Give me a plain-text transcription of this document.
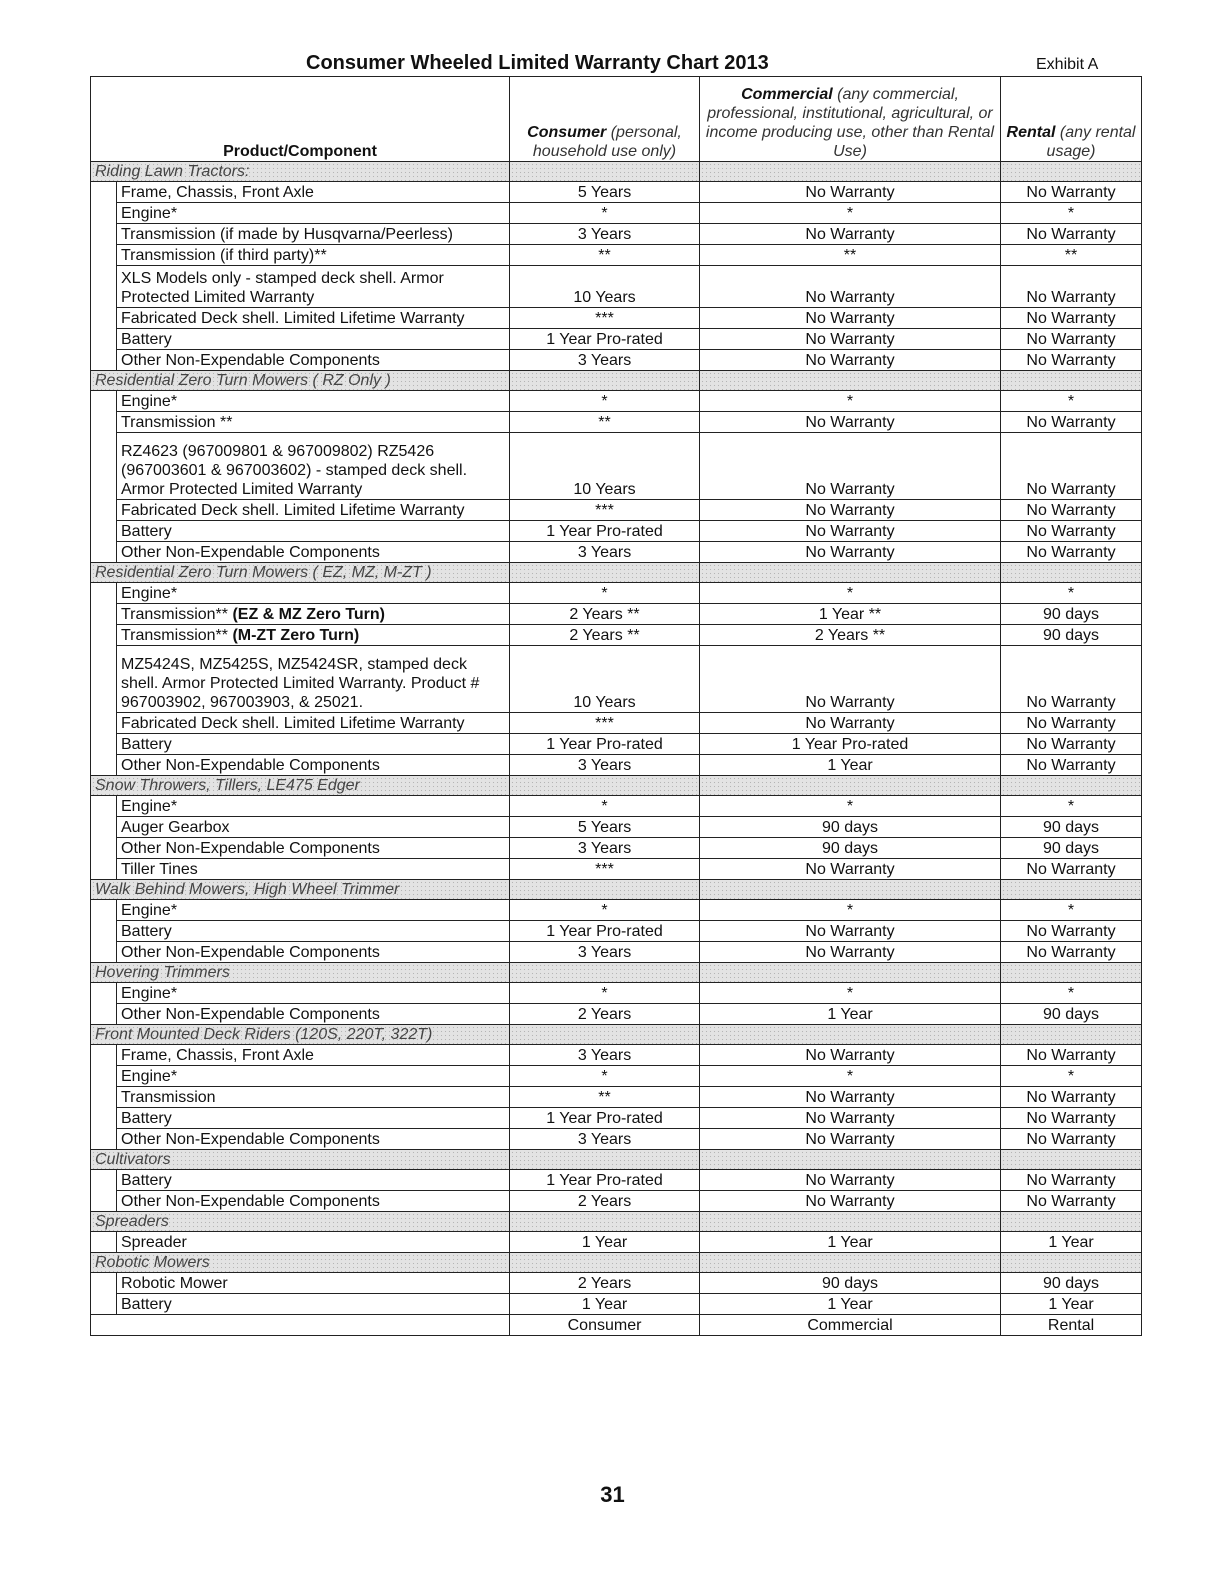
Consumer Wheeled Limited Warranty Chart 2013	Exhibit A
Product/Component		Consumer (personal, household use only)	Commercial (any commercial, professional, institutional, agricultural, or income producing use, other than Rental Use)	Rental (any rental usage)
Riding Lawn Tractors:				
	Frame, Chassis, Front Axle	5 Years	No Warranty	No Warranty
	Engine*	*	*	*
	Transmission (if made by Husqvarna/Peerless)	3 Years	No Warranty	No Warranty
	Transmission (if third party)**	**	**	**
	XLS Models only - stamped deck shell. Armor Protected Limited Warranty	10 Years	No Warranty	No Warranty
	Fabricated Deck shell. Limited Lifetime Warranty	***	No Warranty	No Warranty
	Battery	1 Year Pro-rated	No Warranty	No Warranty
	Other Non-Expendable Components	3 Years	No Warranty	No Warranty
Residential Zero Turn Mowers ( RZ Only )				
	Engine*	*	*	*
	Transmission **	**	No Warranty	No Warranty
	RZ4623 (967009801 & 967009802) RZ5426 (967003601 & 967003602) - stamped deck shell. Armor Protected Limited Warranty	10 Years	No Warranty	No Warranty
	Fabricated Deck shell. Limited Lifetime Warranty	***	No Warranty	No Warranty
	Battery	1 Year Pro-rated	No Warranty	No Warranty
	Other Non-Expendable Components	3 Years	No Warranty	No Warranty
Residential Zero Turn Mowers ( EZ, MZ, M-ZT )				
	Engine*	*	*	*
	Transmission** (EZ & MZ Zero Turn)	2 Years **	1 Year **	90 days
	Transmission** (M-ZT Zero Turn)	2 Years **	2 Years **	90 days
	MZ5424S, MZ5425S, MZ5424SR, stamped deck shell. Armor Protected Limited Warranty. Product # 967003902, 967003903, & 25021.	10 Years	No Warranty	No Warranty
	Fabricated Deck shell. Limited Lifetime Warranty	***	No Warranty	No Warranty
	Battery	1 Year Pro-rated	1 Year Pro-rated	No Warranty
	Other Non-Expendable Components	3 Years	1 Year	No Warranty
Snow Throwers, Tillers, LE475 Edger				
	Engine*	*	*	*
	Auger Gearbox	5 Years	90 days	90 days
	Other Non-Expendable Components	3 Years	90 days	90 days
	Tiller Tines	***	No Warranty	No Warranty
Walk Behind Mowers, High Wheel Trimmer				
	Engine*	*	*	*
	Battery	1 Year Pro-rated	No Warranty	No Warranty
	Other Non-Expendable Components	3 Years	No Warranty	No Warranty
Hovering Trimmers				
	Engine*	*	*	*
	Other Non-Expendable Components	2 Years	1 Year	90 days
Front Mounted Deck Riders (120S, 220T, 322T)				
	Frame, Chassis, Front Axle	3 Years	No Warranty	No Warranty
	Engine*	*	*	*
	Transmission	**	No Warranty	No Warranty
	Battery	1 Year Pro-rated	No Warranty	No Warranty
	Other Non-Expendable Components	3 Years	No Warranty	No Warranty
Cultivators				
	Battery	1 Year Pro-rated	No Warranty	No Warranty
	Other Non-Expendable Components	2 Years	No Warranty	No Warranty
Spreaders				
	Spreader	1 Year	1 Year	1 Year
Robotic Mowers				
	Robotic Mower	2 Years	90 days	90 days
	Battery	1 Year	1 Year	1 Year
		Consumer	Commercial	Rental
31
